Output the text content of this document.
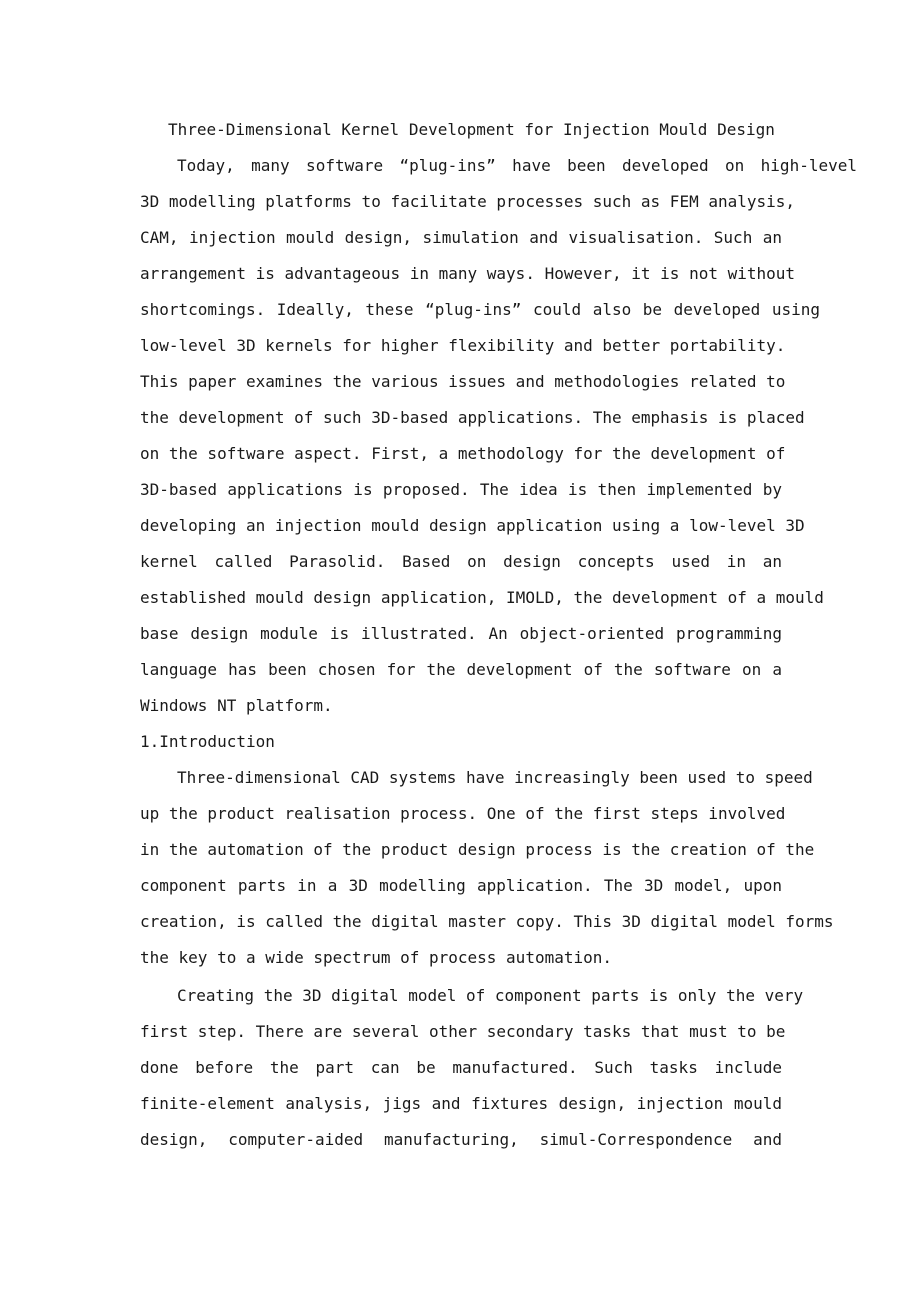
Three-Dimensional Kernel Development for Injection Mould Design
Today, many software “plug-ins” have been developed on high-level
3D modelling platforms to facilitate processes such as FEM analysis,
CAM, injection mould design, simulation and visualisation. Such an
arrangement is advantageous in many ways. However, it is not without
shortcomings. Ideally, these “plug-ins” could also be developed using
low-level 3D kernels for higher flexibility and better portability.
This paper examines the various issues and methodologies related to
the development of such 3D-based applications. The emphasis is placed
on the software aspect. First, a methodology for the development of
3D-based applications is proposed. The idea is then implemented by
developing an injection mould design application using a low-level 3D
kernel called Parasolid. Based on design concepts used in an
established mould design application, IMOLD, the development of a mould
base design module is illustrated. An object-oriented programming
language has been chosen for the development of the software on a
Windows NT platform.
1.Introduction
Three-dimensional CAD systems have increasingly been used to speed
up the product realisation process. One of the first steps involved
in the automation of the product design process is the creation of the
component parts in a 3D modelling application. The 3D model, upon
creation, is called the digital master copy. This 3D digital model forms
the key to a wide spectrum of process automation.
Creating the 3D digital model of component parts is only the very
first step. There are several other secondary tasks that must to be
done before the part can be manufactured. Such tasks include
finite-element analysis, jigs and fixtures design, injection mould
design, computer-aided manufacturing, simul-Correspondence and
